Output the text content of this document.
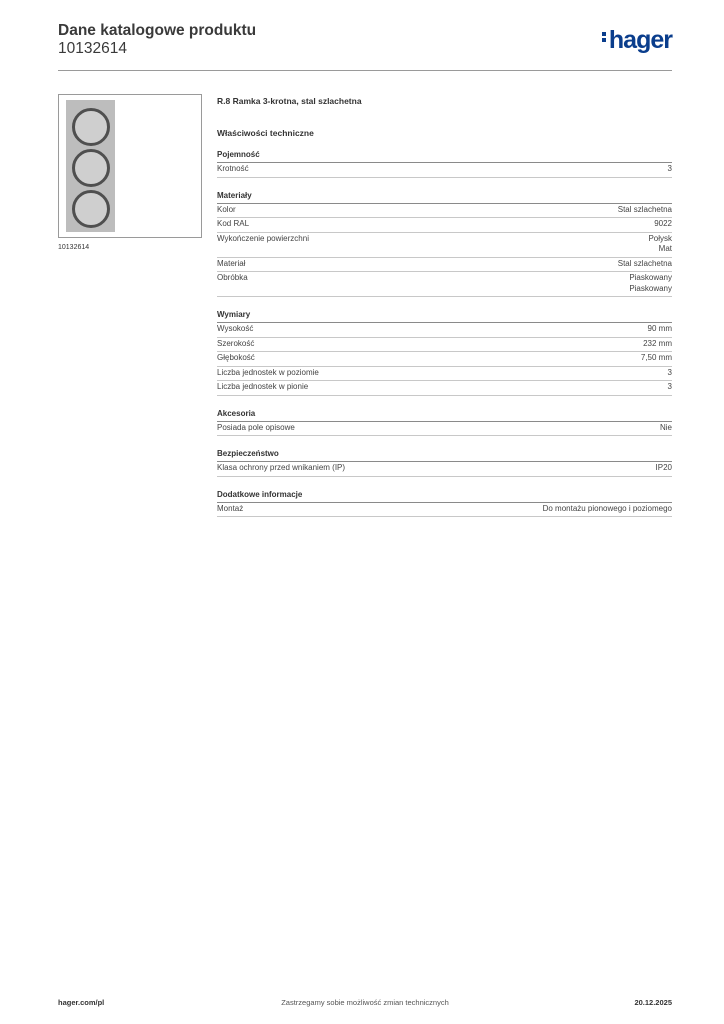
Dane katalogowe produktu
10132614	hager
10132614
R.8 Ramka 3-krotna, stal szlachetna
Właściwości techniczne
Pojemność
Krotność	3
Materiały
Kolor	Stal szlachetna
Kod RAL	9022
Wykończenie powierzchni	Połysk
Mat
Materiał	Stal szlachetna
Obróbka	Piaskowany
Piaskowany
Wymiary
Wysokość	90 mm
Szerokość	232 mm
Głębokość	7,50 mm
Liczba jednostek w poziomie	3
Liczba jednostek w pionie	3
Akcesoria
Posiada pole opisowe	Nie
Bezpieczeństwo
Klasa ochrony przed wnikaniem (IP)	IP20
Dodatkowe informacje
Montaż	Do montażu pionowego i poziomego
hager.com/pl	Zastrzegamy sobie możliwość zmian technicznych	20.12.2025
